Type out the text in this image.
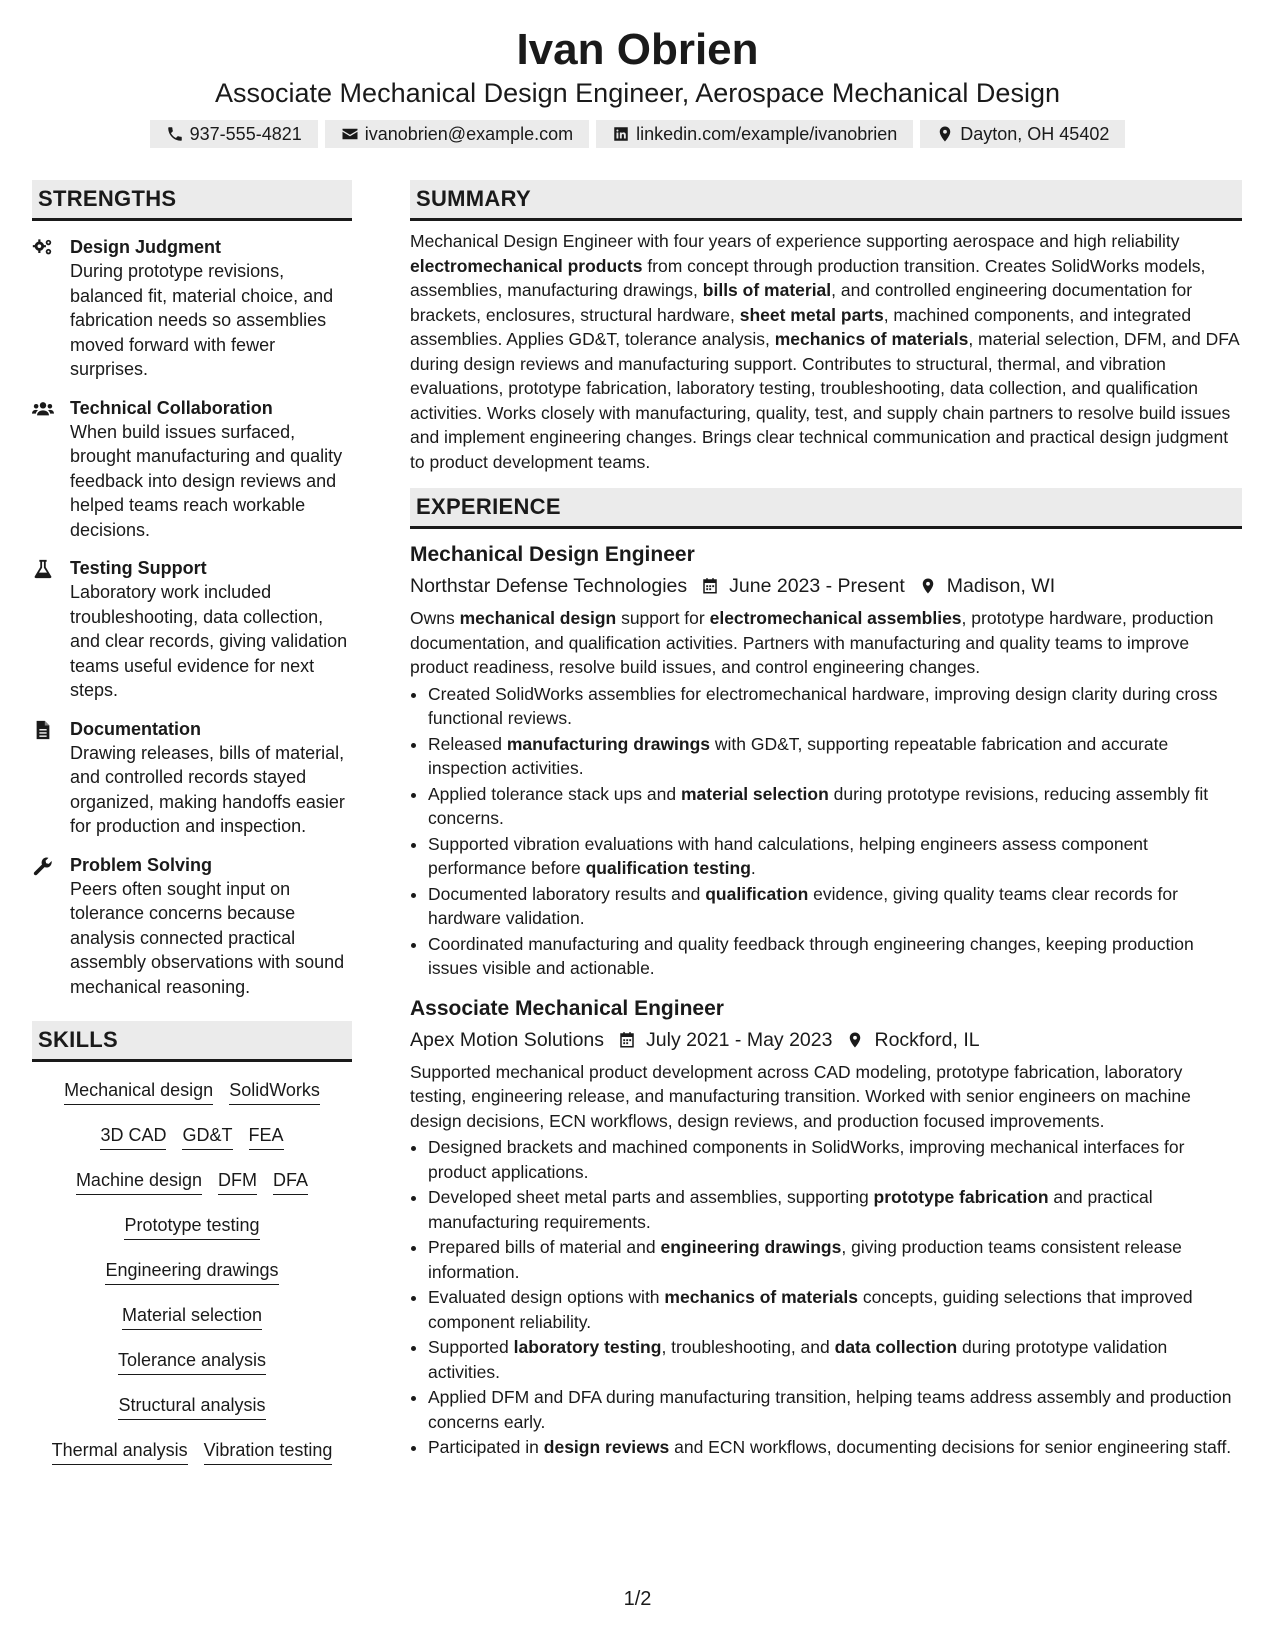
Ivan Obrien

Associate Mechanical Design Engineer, Aerospace Mechanical Design

937-555-4821	ivanobrien@example.com	linkedin.com/example/ivanobrien	Dayton, OH 45402
STRENGTHS
Design Judgment
During prototype revisions, balanced fit, material choice, and fabrication needs so assemblies moved forward with fewer surprises.
Technical Collaboration
When build issues surfaced, brought manufacturing and quality feedback into design reviews and helped teams reach workable decisions.
Testing Support
Laboratory work included troubleshooting, data collection, and clear records, giving validation teams useful evidence for next steps.
Documentation
Drawing releases, bills of material, and controlled records stayed organized, making handoffs easier for production and inspection.
Problem Solving
Peers often sought input on tolerance concerns because analysis connected practical assembly observations with sound mechanical reasoning.
SKILLS
Mechanical design SolidWorks
3D CAD GD&T FEA
Machine design DFM DFA
Prototype testing
Engineering drawings
Material selection
Tolerance analysis
Structural analysis
Thermal analysis Vibration testing
SUMMARY
Mechanical Design Engineer with four years of experience supporting aerospace and high reliability electromechanical products from concept through production transition. Creates SolidWorks models, assemblies, manufacturing drawings, bills of material, and controlled engineering documentation for brackets, enclosures, structural hardware, sheet metal parts, machined components, and integrated assemblies. Applies GD&T, tolerance analysis, mechanics of materials, material selection, DFM, and DFA during design reviews and manufacturing support. Contributes to structural, thermal, and vibration evaluations, prototype fabrication, laboratory testing, troubleshooting, data collection, and qualification activities. Works closely with manufacturing, quality, test, and supply chain partners to resolve build issues and implement engineering changes. Brings clear technical communication and practical design judgment to product development teams.
EXPERIENCE
Mechanical Design Engineer
Northstar Defense Technologies June 2023 - Present Madison, WI
Owns mechanical design support for electromechanical assemblies, prototype hardware, production documentation, and qualification activities. Partners with manufacturing and quality teams to improve product readiness, resolve build issues, and control engineering changes.
• Created SolidWorks assemblies for electromechanical hardware, improving design clarity during cross functional reviews.
• Released manufacturing drawings with GD&T, supporting repeatable fabrication and accurate inspection activities.
• Applied tolerance stack ups and material selection during prototype revisions, reducing assembly fit concerns.
• Supported vibration evaluations with hand calculations, helping engineers assess component performance before qualification testing.
• Documented laboratory results and qualification evidence, giving quality teams clear records for hardware validation.
• Coordinated manufacturing and quality feedback through engineering changes, keeping production issues visible and actionable.
Associate Mechanical Engineer
Apex Motion Solutions July 2021 - May 2023 Rockford, IL
Supported mechanical product development across CAD modeling, prototype fabrication, laboratory testing, engineering release, and manufacturing transition. Worked with senior engineers on machine design decisions, ECN workflows, design reviews, and production focused improvements.
• Designed brackets and machined components in SolidWorks, improving mechanical interfaces for product applications.
• Developed sheet metal parts and assemblies, supporting prototype fabrication and practical manufacturing requirements.
• Prepared bills of material and engineering drawings, giving production teams consistent release information.
• Evaluated design options with mechanics of materials concepts, guiding selections that improved component reliability.
• Supported laboratory testing, troubleshooting, and data collection during prototype validation activities.
• Applied DFM and DFA during manufacturing transition, helping teams address assembly and production concerns early.
• Participated in design reviews and ECN workflows, documenting decisions for senior engineering staff.
1/2
